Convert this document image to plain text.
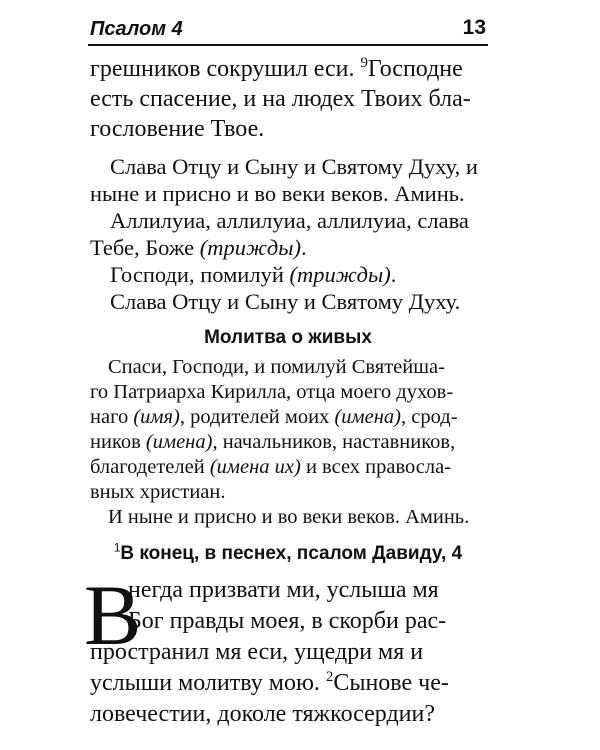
Псалом 4	13
грешников сокрушил еси. $^9$Господне
есть спасение, и на людех Твоих бла-
гословение Твое.
Слава Отцу и Сыну и Святому Духу, и
ныне и присно и во веки веков. Аминь.
Аллилуиа, аллилуиа, аллилуиа, слава
Тебе, Боже (трижды).
Господи, помилуй (трижды).
Слава Отцу и Сыну и Святому Духу.
Молитва о живых
Спаси, Господи, и помилуй Святейша-
го Патриарха Кирилла, отца моего духов-
наго (имя), родителей моих (имена), срод-
ников (имена), начальников, наставников,
благодетелей (имена их) и всех правосла-
вных христиан.
И ныне и присно и во веки веков. Аминь.
$^1$В конец, в песнех, псалом Давиду, 4
В
негда призвати ми, услыша мя
Бог правды моея, в скорби рас-
пространил мя еси, ущедри мя и
услыши молитву мою. $^2$Сынове че-
ловечестии, доколе тяжкосердии?
